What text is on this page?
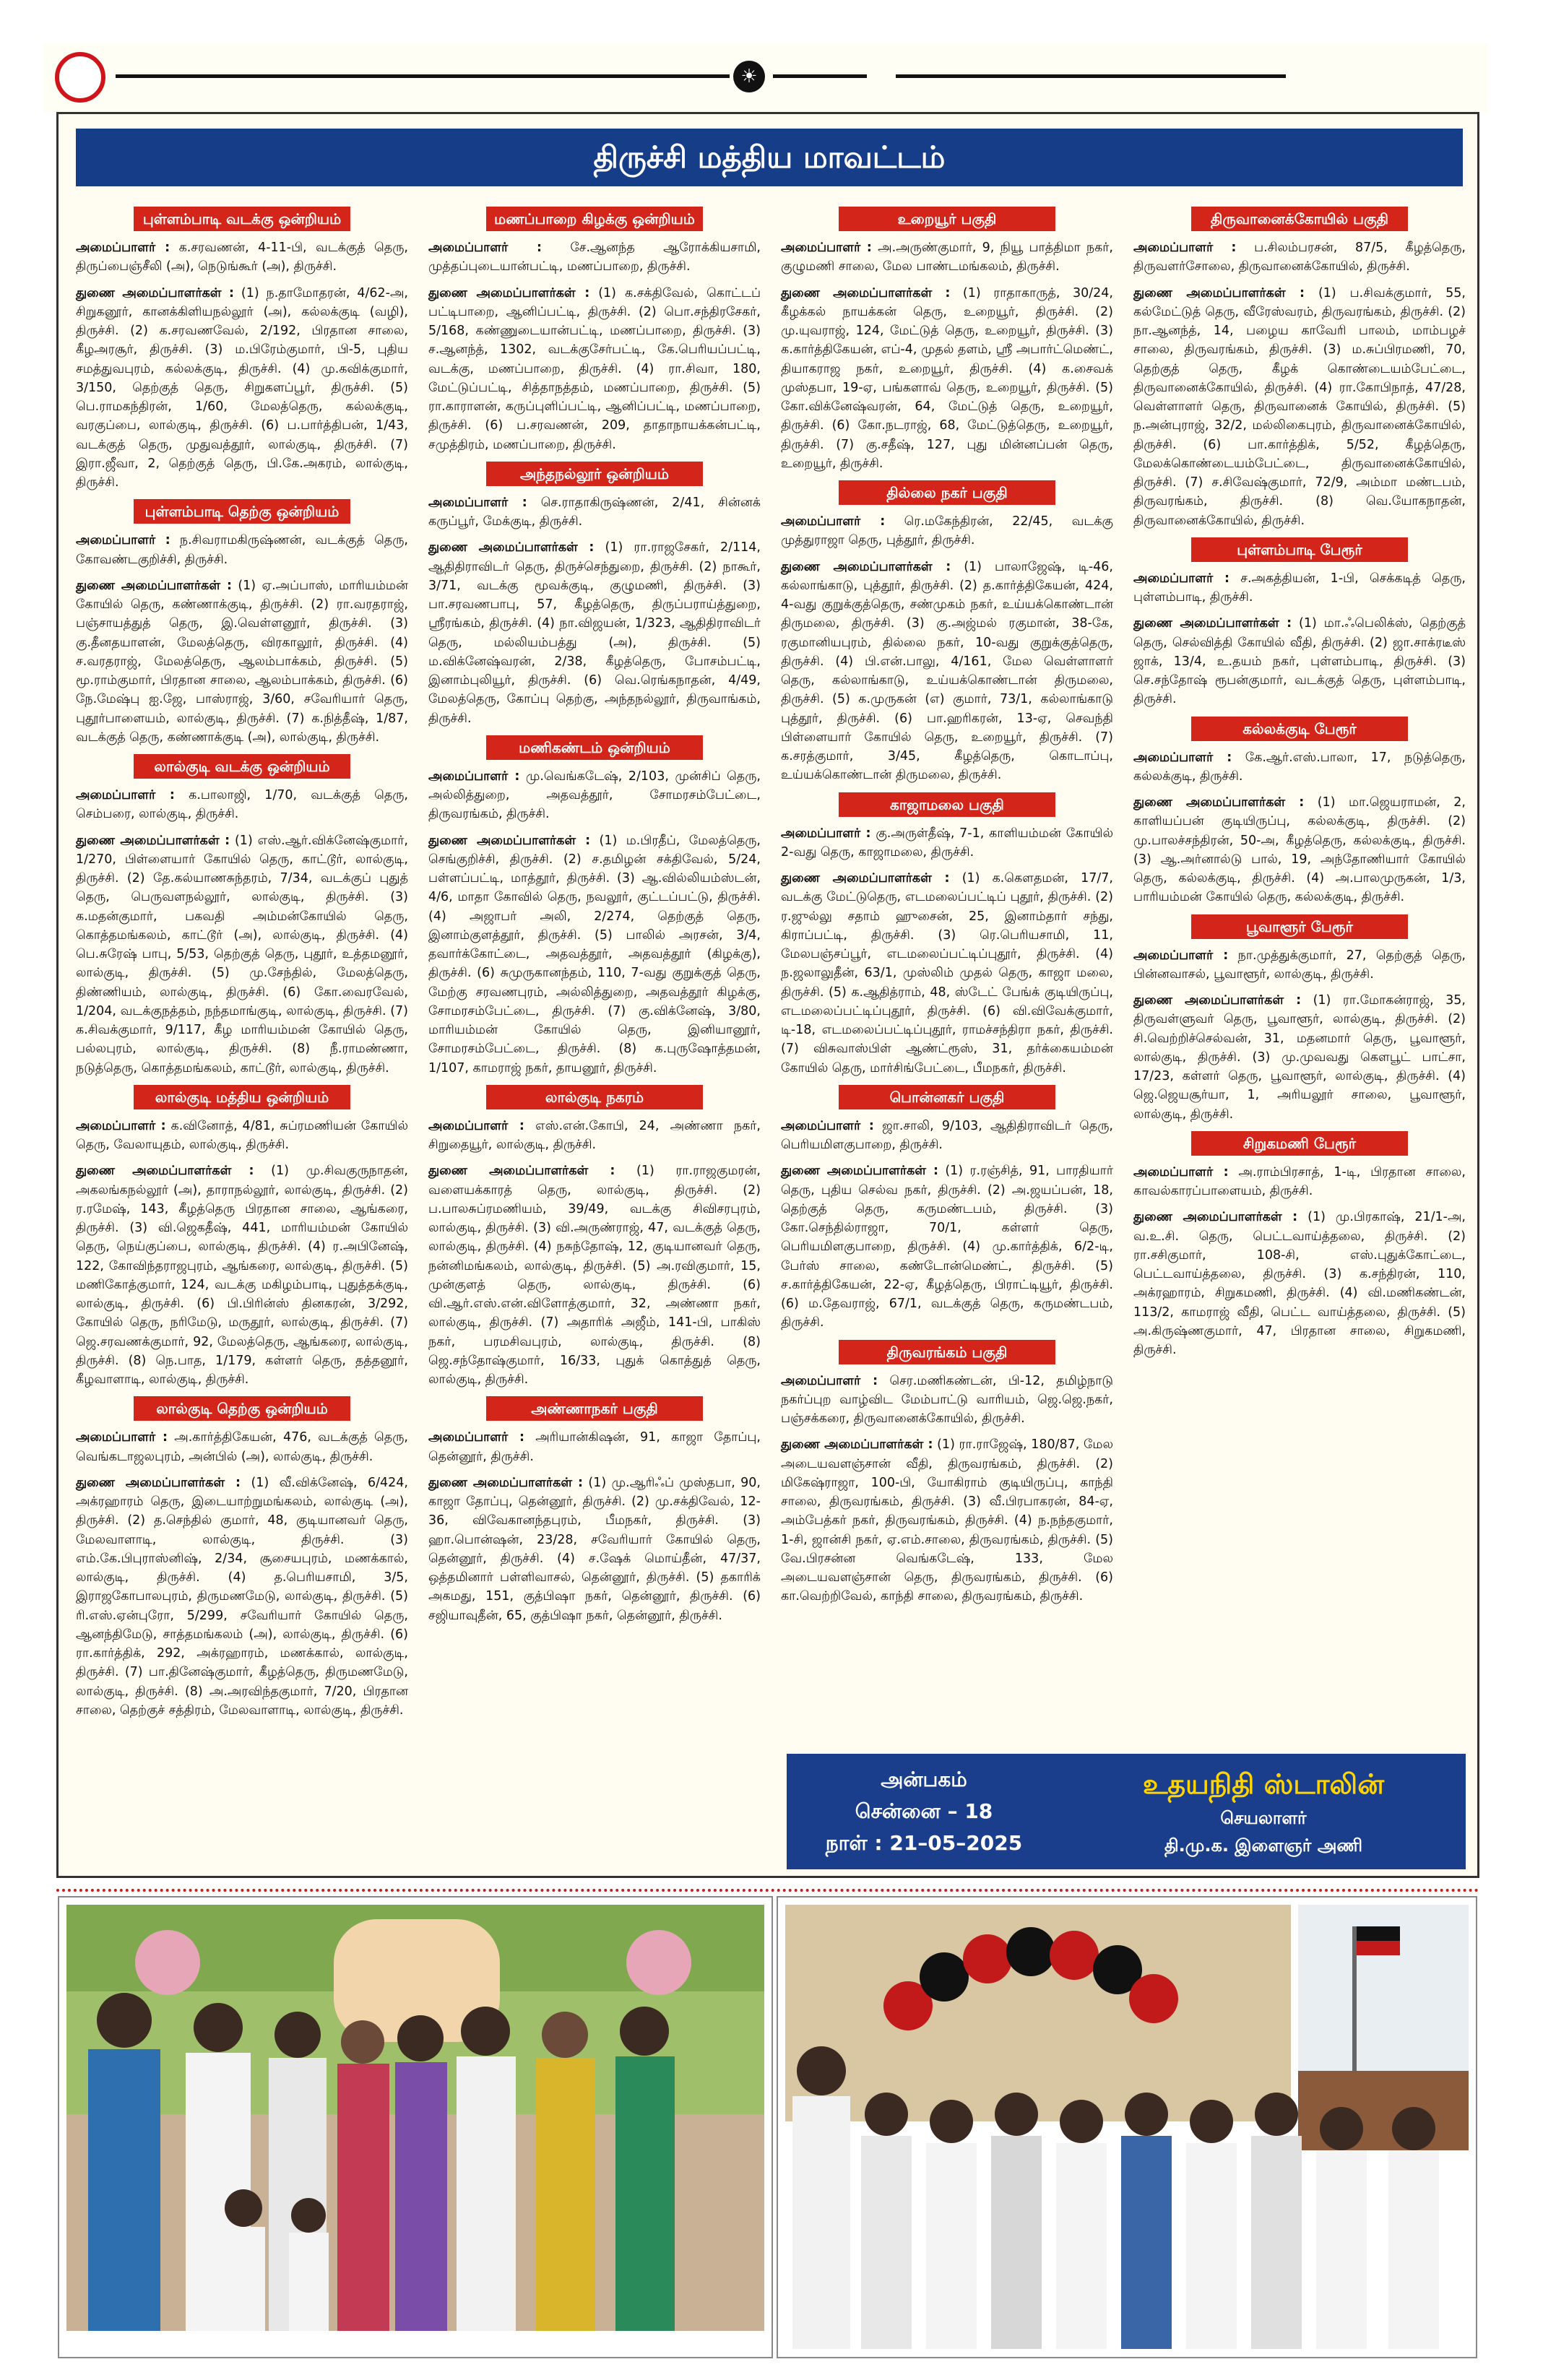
☀
திருச்சி மத்திய மாவட்டம்
புள்ளம்பாடி வடக்கு ஒன்றியம்
அமைப்பாளர் : க.சரவணன், 4-11-பி, வடக்குத் தெரு, திருப்பைஞ்சீலி (அ), நெடுங்கூர் (அ), திருச்சி.
துணை அமைப்பாளர்கள் : (1) ந.தாமோதரன், 4/62-அ, சிறுகனூர், கானக்கிளியநல்லூர் (அ), கல்லக்குடி (வழி), திருச்சி. (2) க.சரவணவேல், 2/192, பிரதான சாலை, கீழஅரசூர், திருச்சி. (3) ம.பிரேம்குமார், பி-5, புதிய சமத்துவபுரம், கல்லக்குடி, திருச்சி. (4) மு.கவிக்குமார், 3/150, தெற்குத் தெரு, சிறுகளப்பூர், திருச்சி. (5) பெ.ராமகந்திரன், 1/60, மேலத்தெரு, கல்லக்குடி, வரகுப்பை, லால்குடி, திருச்சி. (6) ப.பார்த்திபன், 1/43, வடக்குத் தெரு, முதுவத்தூர், லால்குடி, திருச்சி. (7) இரா.ஜீவா, 2, தெற்குத் தெரு, பி.கே.அகரம், லால்குடி, திருச்சி.
புள்ளம்பாடி தெற்கு ஒன்றியம்
அமைப்பாளர் : ந.சிவராமகிருஷ்ணன், வடக்குத் தெரு, கோவண்டகுறிச்சி, திருச்சி.
துணை அமைப்பாளர்கள் : (1) ஏ.அப்பாஸ், மாரியம்மன் கோயில் தெரு, கண்ணாக்குடி, திருச்சி. (2) ரா.வரதராஜ், பஞ்சாயத்துத் தெரு, இ.வெள்ளனூர், திருச்சி. (3) கு.தீனதயாளன், மேலத்தெரு, விரகாலூர், திருச்சி. (4) ச.வரதராஜ், மேலத்தெரு, ஆலம்பாக்கம், திருச்சி. (5) மூ.ராம்குமார், பிரதான சாலை, ஆலம்பாக்கம், திருச்சி. (6) நே.மேஷ்பு ஐ.ஜே, பாஸ்ராஜ், 3/60, சவேரியார் தெரு, புதூர்பாளையம், லால்குடி, திருச்சி. (7) க.நித்தீஷ், 1/87, வடக்குத் தெரு, கண்ணாக்குடி (அ), லால்குடி, திருச்சி.
லால்குடி வடக்கு ஒன்றியம்
அமைப்பாளர் : க.பாலாஜி, 1/70, வடக்குத் தெரு, செம்பரை, லால்குடி, திருச்சி.
துணை அமைப்பாளர்கள் : (1) எஸ்.ஆர்.விக்னேஷ்குமார், 1/270, பிள்ளையார் கோயில் தெரு, காட்டூர், லால்குடி, திருச்சி. (2) தே.கல்யாணசுந்தரம், 7/34, வடக்குப் புதுத் தெரு, பெருவளநல்லூர், லால்குடி, திருச்சி. (3) க.மதன்குமார், பகவதி அம்மன்கோயில் தெரு, கொத்தமங்கலம், காட்டூர் (அ), லால்குடி, திருச்சி. (4) பெ.சுரேஷ் பாபு, 5/53, தெற்குத் தெரு, புதூர், உத்தமனூர், லால்குடி, திருச்சி. (5) மு.சேந்தில், மேலத்தெரு, திண்ணியம், லால்குடி, திருச்சி. (6) கோ.வைரவேல், 1/204, வடக்குநத்தம், நந்தமாங்குடி, லால்குடி, திருச்சி. (7) க.சிவக்குமார், 9/117, கீழ மாரியம்மன் கோயில் தெரு, பல்லபுரம், லால்குடி, திருச்சி. (8) நீ.ராமண்ணா, நடுத்தெரு, கொத்தமங்கலம், காட்டூர், லால்குடி, திருச்சி.
லால்குடி மத்திய ஒன்றியம்
அமைப்பாளர் : க.வினோத், 4/81, சுப்ரமணியன் கோயில் தெரு, வேலாயுதம், லால்குடி, திருச்சி.
துணை அமைப்பாளர்கள் : (1) மு.சிவகுருநாதன், அகலங்கநல்லூர் (அ), தாராநல்லூர், லால்குடி, திருச்சி. (2) ர.ரமேஷ், 143, கீழத்தெரு பிரதான சாலை, ஆங்கரை, திருச்சி. (3) வி.ஜெகதீஷ், 441, மாரியம்மன் கோயில் தெரு, நெய்குப்பை, லால்குடி, திருச்சி. (4) ர.அபினேஷ், 122, கோவிந்தராஜபுரம், ஆங்கரை, லால்குடி, திருச்சி. (5) மணிகோத்குமார், 124, வடக்கு மகிழம்பாடி, புதுத்தக்குடி, லால்குடி, திருச்சி. (6) பி.பிரின்ஸ் தினகரன், 3/292, கோயில் தெரு, நரிமேடு, மருதூர், லால்குடி, திருச்சி. (7) ஜெ.சரவணக்குமார், 92, மேலத்தெரு, ஆங்கரை, லால்குடி, திருச்சி. (8) நெ.பாத, 1/179, கள்ளர் தெரு, தத்தனூர், கீழவாளாடி, லால்குடி, திருச்சி.
லால்குடி தெற்கு ஒன்றியம்
அமைப்பாளர் : அ.கார்த்திகேயன், 476, வடக்குத் தெரு, வெங்கடாஜலபுரம், அன்பில் (அ), லால்குடி, திருச்சி.
துணை அமைப்பாளர்கள் : (1) வீ.விக்னேஷ், 6/424, அக்ரஹாரம் தெரு, இடையாற்றுமங்கலம், லால்குடி (அ), திருச்சி. (2) த.செந்தில் குமார், 48, குடியானவர் தெரு, மேலவாளாடி, லால்குடி, திருச்சி. (3) எம்.கே.பிபுராஸ்னிஷ், 2/34, சூசையபுரம், மணக்கால், லால்குடி, திருச்சி. (4) த.பெரியசாமி, 3/5, இராஜகோபாலபுரம், திருமணமேடு, லால்குடி, திருச்சி. (5) ரி.எஸ்.ஏன்புரோ, 5/299, சவேரியார் கோயில் தெரு, ஆனந்திமேடு, சாத்தமங்கலம் (அ), லால்குடி, திருச்சி. (6) ரா.கார்த்திக், 292, அக்ரஹாரம், மணக்கால், லால்குடி, திருச்சி. (7) பா.தினேஷ்குமார், கீழத்தெரு, திருமணமேடு, லால்குடி, திருச்சி. (8) அ.அரவிந்தகுமார், 7/20, பிரதான சாலை, தெற்குச் சத்திரம், மேலவாளாடி, லால்குடி, திருச்சி.
மணப்பாறை கிழக்கு ஒன்றியம்
அமைப்பாளர் : சே.ஆனந்த ஆரோக்கியசாமி, முத்தப்புடையான்பட்டி, மணப்பாறை, திருச்சி.
துணை அமைப்பாளர்கள் : (1) க.சக்திவேல், கொட்டப் பட்டிபாறை, ஆனிப்பட்டி, திருச்சி. (2) பொ.சந்திரசேகர், 5/168, கண்ணுடையான்பட்டி, மணப்பாறை, திருச்சி. (3) ச.ஆனந்த், 1302, வடக்குசேர்பட்டி, கே.பெரியப்பட்டி, வடக்கு, மணப்பாறை, திருச்சி. (4) ரா.சிவா, 180, மேட்டுப்பட்டி, சித்தாநத்தம், மணப்பாறை, திருச்சி. (5) ரா.காராளன், கருப்புளிப்பட்டி, ஆனிப்பட்டி, மணப்பாறை, திருச்சி. (6) ப.சரவணன், 209, தாதாநாயக்கன்பட்டி, சமுத்திரம், மணப்பாறை, திருச்சி.
அந்தநல்லூர் ஒன்றியம்
அமைப்பாளர் : செ.ராதாகிருஷ்ணன், 2/41, சின்னக் கருப்பூர், மேக்குடி, திருச்சி.
துணை அமைப்பாளர்கள் : (1) ரா.ராஜசேகர், 2/114, ஆதிதிராவிடர் தெரு, திருச்செந்துறை, திருச்சி. (2) நாகூர், 3/71, வடக்கு மூவக்குடி, குழுமணி, திருச்சி. (3) பா.சரவணபாபு, 57, கீழத்தெரு, திருப்பராய்த்துறை, ஸ்ரீரங்கம், திருச்சி. (4) நா.விஜயன், 1/323, ஆதிதிராவிடர் தெரு, மல்லியம்பத்து (அ), திருச்சி. (5) ம.விக்னேஷ்வரன், 2/38, கீழத்தெரு, போசம்பட்டி, இனாம்புலியூர், திருச்சி. (6) வெ.ரெங்கநாதன், 4/49, மேலத்தெரு, கோப்பு தெற்கு, அந்தநல்லூர், திருவாங்கம், திருச்சி.
மணிகண்டம் ஒன்றியம்
அமைப்பாளர் : மு.வெங்கடேஷ், 2/103, முன்சிப் தெரு, அல்லித்துறை, அதவத்தூர், சோமரசம்பேட்டை, திருவரங்கம், திருச்சி.
துணை அமைப்பாளர்கள் : (1) ம.பிரதீப், மேலத்தெரு, செங்குறிச்சி, திருச்சி. (2) ச.தமிழன் சக்திவேல், 5/24, பள்ளப்பட்டி, மாத்தூர், திருச்சி. (3) ஆ.வில்லியம்ஸ்டன், 4/6, மாதா கோவில் தெரு, நவலூர், குட்டப்பட்டு, திருச்சி. (4) அஜாபர் அலி, 2/274, தெற்குத் தெரு, இனாம்குளத்தூர், திருச்சி. (5) பாலில் அரசன், 3/4, தவார்க்கோட்டை, அதவத்தூர், அதவத்தூர் (கிழக்கு), திருச்சி. (6) சுமுருகானந்தம், 110, 7-வது குறுக்குத் தெரு, மேற்கு சரவணபுரம், அல்லித்துறை, அதவத்தூர் கிழக்கு, சோமரசம்பேட்டை, திருச்சி. (7) கு.விக்னேஷ், 3/80, மாரியம்மன் கோயில் தெரு, இனியானூர், சோமரசம்பேட்டை, திருச்சி. (8) க.புருஷோத்தமன், 1/107, காமராஜ் நகர், தாயனூர், திருச்சி.
லால்குடி நகரம்
அமைப்பாளர் : எஸ்.என்.கோபி, 24, அண்ணா நகர், சிறுதையூர், லால்குடி, திருச்சி.
துணை அமைப்பாளர்கள் : (1) ரா.ராஜகுமரன், வளையக்காரத் தெரு, லால்குடி, திருச்சி. (2) ப.பாலசுப்ரமணியம், 39/49, வடக்கு சிவிசரபுரம், லால்குடி, திருச்சி. (3) வி.அருண்ராஜ், 47, வடக்குத் தெரு, லால்குடி, திருச்சி. (4) நசுந்தோஷ், 12, குடியானவர் தெரு, நன்னிமங்கலம், லால்குடி, திருச்சி. (5) அ.ரவிகுமார், 15, முன்குளத் தெரு, லால்குடி, திருச்சி. (6) வி.ஆர்.எஸ்.என்.விளோத்குமார், 32, அண்ணா நகர், லால்குடி, திருச்சி. (7) அதாரிக் அஜீம், 141-பி, பாகிஸ் நகர், பரமசிவபுரம், லால்குடி, திருச்சி. (8) ஜெ.சந்தோஷ்குமார், 16/33, புதுக் கொத்துத் தெரு, லால்குடி, திருச்சி.
அண்ணாநகர் பகுதி
அமைப்பாளர் : அரியான்கிஷன், 91, காஜா தோப்பு, தென்னூர், திருச்சி.
துணை அமைப்பாளர்கள் : (1) மு.ஆரிஃப் முஸ்தபா, 90, காஜா தோப்பு, தென்னூர், திருச்சி. (2) மு.சக்திவேல், 12-36, விவேகானந்தபுரம், பீமநகர், திருச்சி. (3) ஹா.பொன்ஷன், 23/28, சவேரியார் கோயில் தெரு, தென்னூர், திருச்சி. (4) ச.ஷேக் மொய்தீன், 47/37, ஒத்தமினார் பள்ளிவாசல், தென்னூர், திருச்சி. (5) தகாரிக் அகமது, 151, குத்பிஷா நகர், தென்னூர், திருச்சி. (6) சஜியாவுதீன், 65, குத்பிஷா நகர், தென்னூர், திருச்சி.
உறையூர் பகுதி
அமைப்பாளர் : அ.அருண்குமார், 9, நியூ பாத்திமா நகர், குழுமணி சாலை, மேல பாண்டமங்கலம், திருச்சி.
துணை அமைப்பாளர்கள் : (1) ராதாகாருத், 30/24, கீழக்கல் நாயக்கன் தெரு, உறையூர், திருச்சி. (2) மு.யுவராஜ், 124, மேட்டுத் தெரு, உறையூர், திருச்சி. (3) க.கார்த்திகேயன், எப்-4, முதல் தளம், ஸ்ரீ அபார்ட்மெண்ட், தியாகராஜ நகர், உறையூர், திருச்சி. (4) க.சைவக் முஸ்தபா, 19-ஏ, பங்களாவ் தெரு, உறையூர், திருச்சி. (5) கோ.விக்னேஷ்வரன், 64, மேட்டுத் தெரு, உறையூர், திருச்சி. (6) கோ.நடராஜ், 68, மேட்டுத்தெரு, உறையூர், திருச்சி. (7) கு.சதீஷ், 127, புது மின்னப்பன் தெரு, உறையூர், திருச்சி.
தில்லை நகர் பகுதி
அமைப்பாளர் : ரெ.மகேந்திரன், 22/45, வடக்கு முத்துராஜா தெரு, புத்தூர், திருச்சி.
துணை அமைப்பாளர்கள் : (1) பாலாஜேஷ், டி-46, கல்லாங்காடு, புத்தூர், திருச்சி. (2) த.கார்த்திகேயன், 424, 4-வது குறுக்குத்தெரு, சண்முகம் நகர், உய்யக்கொண்டான் திருமலை, திருச்சி. (3) கு.அஜ்மல் ரகுமான், 38-கே, ரகுமானியபுரம், தில்லை நகர், 10-வது குறுக்குத்தெரு, திருச்சி. (4) பி.என்.பாலு, 4/161, மேல வெள்ளாளர் தெரு, கல்லாங்காடு, உய்யக்கொண்டான் திருமலை, திருச்சி. (5) க.முருகன் (எ) குமார், 73/1, கல்லாங்காடு புத்தூர், திருச்சி. (6) பா.ஹரிகரன், 13-ஏ, செவந்தி பிள்ளையார் கோயில் தெரு, உறையூர், திருச்சி. (7) க.சரத்குமார், 3/45, கீழத்தெரு, கொடாப்பு, உய்யக்கொண்டான் திருமலை, திருச்சி.
காஜாமலை பகுதி
அமைப்பாளர் : கு.அருள்தீஷ், 7-1, காளியம்மன் கோயில் 2-வது தெரு, காஜாமலை, திருச்சி.
துணை அமைப்பாளர்கள் : (1) க.கௌதமன், 17/7, வடக்கு மேட்டுதெரு, எடமலைப்பட்டிப் புதூர், திருச்சி. (2) ர.ஜுல்லு சதாம் ஹுசைன், 25, இனாம்தார் சந்து, கிராப்பட்டி, திருச்சி. (3) ரெ.பெரியசாமி, 11, மேலபஞ்சப்பூர், எடமலைப்பட்டிப்புதூர், திருச்சி. (4) ந.ஜலாலுதீன், 63/1, முஸ்லிம் முதல் தெரு, காஜா மலை, திருச்சி. (5) க.ஆதித்ராம், 48, ஸ்டேட் பேங்க் குடியிருப்பு, எடமலைப்பட்டிப்புதூர், திருச்சி. (6) வி.விவேக்குமார், டி-18, எடமலைப்பட்டிப்புதூர், ராமச்சந்திரா நகர், திருச்சி. (7) விசுவாஸ்பிள் ஆண்ட்ரூஸ், 31, தர்க்கையம்மன் கோயில் தெரு, மார்சிங்பேட்டை, பீமநகர், திருச்சி.
பொன்னகர் பகுதி
அமைப்பாளர் : ஜா.சாலி, 9/103, ஆதிதிராவிடர் தெரு, பெரியமிளகுபாறை, திருச்சி.
துணை அமைப்பாளர்கள் : (1) ர.ரஞ்சித், 91, பாரதியார் தெரு, புதிய செல்வ நகர், திருச்சி. (2) அ.ஜயப்பன், 18, தெற்குத் தெரு, கருமண்டபம், திருச்சி. (3) கோ.செந்தில்ராஜா, 70/1, கள்ளர் தெரு, பெரியமிளகுபாறை, திருச்சி. (4) மு.கார்த்திக், 6/2-டி, பேர்ஸ் சாலை, கண்டோன்மெண்ட், திருச்சி. (5) ச.கார்த்திகேயன், 22-ஏ, கீழத்தெரு, பிராட்டியூர், திருச்சி. (6) ம.தேவராஜ், 67/1, வடக்குத் தெரு, கருமண்டபம், திருச்சி.
திருவரங்கம் பகுதி
அமைப்பாளர் : செர.மணிகண்டன், பி-12, தமிழ்நாடு நகர்ப்புற வாழ்விட மேம்பாட்டு வாரியம், ஜெ.ஜெ.நகர், பஞ்சக்கரை, திருவானைக்கோயில், திருச்சி.
துணை அமைப்பாளர்கள் : (1) ரா.ராஜேஷ், 180/87, மேல அடையவளஞ்சான் வீதி, திருவரங்கம், திருச்சி. (2) மிகேஷ்ராஜா, 100-பி, யோகிராம் குடியிருப்பு, காந்தி சாலை, திருவரங்கம், திருச்சி. (3) வீ.பிரபாகரன், 84-ஏ, அம்பேத்கர் நகர், திருவரங்கம், திருச்சி. (4) ந.நந்தகுமார், 1-சி, ஜான்சி நகர், ஏ.எம்.சாலை, திருவரங்கம், திருச்சி. (5) வே.பிரசன்ன வெங்கடேஷ், 133, மேல அடையவளஞ்சான் தெரு, திருவரங்கம், திருச்சி. (6) கா.வெற்றிவேல், காந்தி சாலை, திருவரங்கம், திருச்சி.
திருவானைக்கோயில் பகுதி
அமைப்பாளர் : ப.சிலம்பரசன், 87/5, கீழத்தெரு, திருவளர்சோலை, திருவானைக்கோயில், திருச்சி.
துணை அமைப்பாளர்கள் : (1) ப.சிவக்குமார், 55, கல்மேட்டுத் தெரு, வீரேஸ்வரம், திருவரங்கம், திருச்சி. (2) நா.ஆனந்த், 14, பழைய காவேரி பாலம், மாம்பழச் சாலை, திருவரங்கம், திருச்சி. (3) ம.சுப்பிரமணி, 70, தெற்குத் தெரு, கீழக் கொண்டையம்பேட்டை, திருவானைக்கோயில், திருச்சி. (4) ரா.கோபிநாத், 47/28, வெள்ளாளர் தெரு, திருவானைக் கோயில், திருச்சி. (5) ந.அன்புராஜ், 32/2, மல்லிகைபுரம், திருவானைக்கோயில், திருச்சி. (6) பா.கார்த்திக், 5/52, கீழத்தெரு, மேலக்கொண்டையம்பேட்டை, திருவானைக்கோயில், திருச்சி. (7) ச.சிவேஷ்குமார், 72/9, அம்மா மண்டபம், திருவரங்கம், திருச்சி. (8) வெ.யோகநாதன், திருவானைக்கோயில், திருச்சி.
புள்ளம்பாடி பேரூர்
அமைப்பாளர் : ச.அகத்தியன், 1-பி, செக்கடித் தெரு, புள்ளம்பாடி, திருச்சி.
துணை அமைப்பாளர்கள் : (1) மா.ஃபெலிக்ஸ், தெற்குத் தெரு, செல்வித்தி கோயில் வீதி, திருச்சி. (2) ஜா.சாக்ரடீஸ் ஜாக், 13/4, உ.தயம் நகர், புள்ளம்பாடி, திருச்சி. (3) செ.சந்தோஷ் ரூபன்குமார், வடக்குத் தெரு, புள்ளம்பாடி, திருச்சி.
கல்லக்குடி பேரூர்
அமைப்பாளர் : கே.ஆர்.எஸ்.பாலா, 17, நடுத்தெரு, கல்லக்குடி, திருச்சி.
துணை அமைப்பாளர்கள் : (1) மா.ஜெயராமன், 2, காளியப்பன் குடியிருப்பு, கல்லக்குடி, திருச்சி. (2) மு.பாலச்சந்திரன், 50-அ, கீழத்தெரு, கல்லக்குடி, திருச்சி. (3) ஆ.அர்னால்டு பால், 19, அந்தோணியார் கோயில் தெரு, கல்லக்குடி, திருச்சி. (4) அ.பாலமுருகன், 1/3, பாரியம்மன் கோயில் தெரு, கல்லக்குடி, திருச்சி.
பூவாளூர் பேரூர்
அமைப்பாளர் : நா.முத்துக்குமார், 27, தெற்குத் தெரு, பின்னவாசல், பூவாளூர், லால்குடி, திருச்சி.
துணை அமைப்பாளர்கள் : (1) ரா.மோகன்ராஜ், 35, திருவள்ளுவர் தெரு, பூவாளூர், லால்குடி, திருச்சி. (2) சி.வெற்றிச்செல்வன், 31, மதனமார் தெரு, பூவாளூர், லால்குடி, திருச்சி. (3) மு.முவவது கௌபூட் பாட்சா, 17/23, கள்ளர் தெரு, பூவாளூர், லால்குடி, திருச்சி. (4) ஜெ.ஜெயசூர்யா, 1, அரியலூர் சாலை, பூவாளூர், லால்குடி, திருச்சி.
சிறுகமணி பேரூர்
அமைப்பாளர் : அ.ராம்பிரசாத், 1-டி, பிரதான சாலை, காவல்காரப்பாளையம், திருச்சி.
துணை அமைப்பாளர்கள் : (1) மு.பிரகாஷ், 21/1-அ, வ.உ.சி. தெரு, பெட்டவாய்த்தலை, திருச்சி. (2) ரா.சசிகுமார், 108-சி, எஸ்.புதுக்கோட்டை, பெட்டவாய்த்தலை, திருச்சி. (3) க.சந்திரன், 110, அக்ரஹாரம், சிறுகமணி, திருச்சி. (4) வி.மணிகண்டன், 113/2, காமராஜ் வீதி, பெட்ட வாய்த்தலை, திருச்சி. (5) அ.கிருஷ்ணகுமார், 47, பிரதான சாலை, சிறுகமணி, திருச்சி.
அன்பகம்
சென்னை – 18
நாள் : 21–05–2025
உதயநிதி ஸ்டாலின்
செயலாளர்
தி.மு.க. இளைஞர் அணி
